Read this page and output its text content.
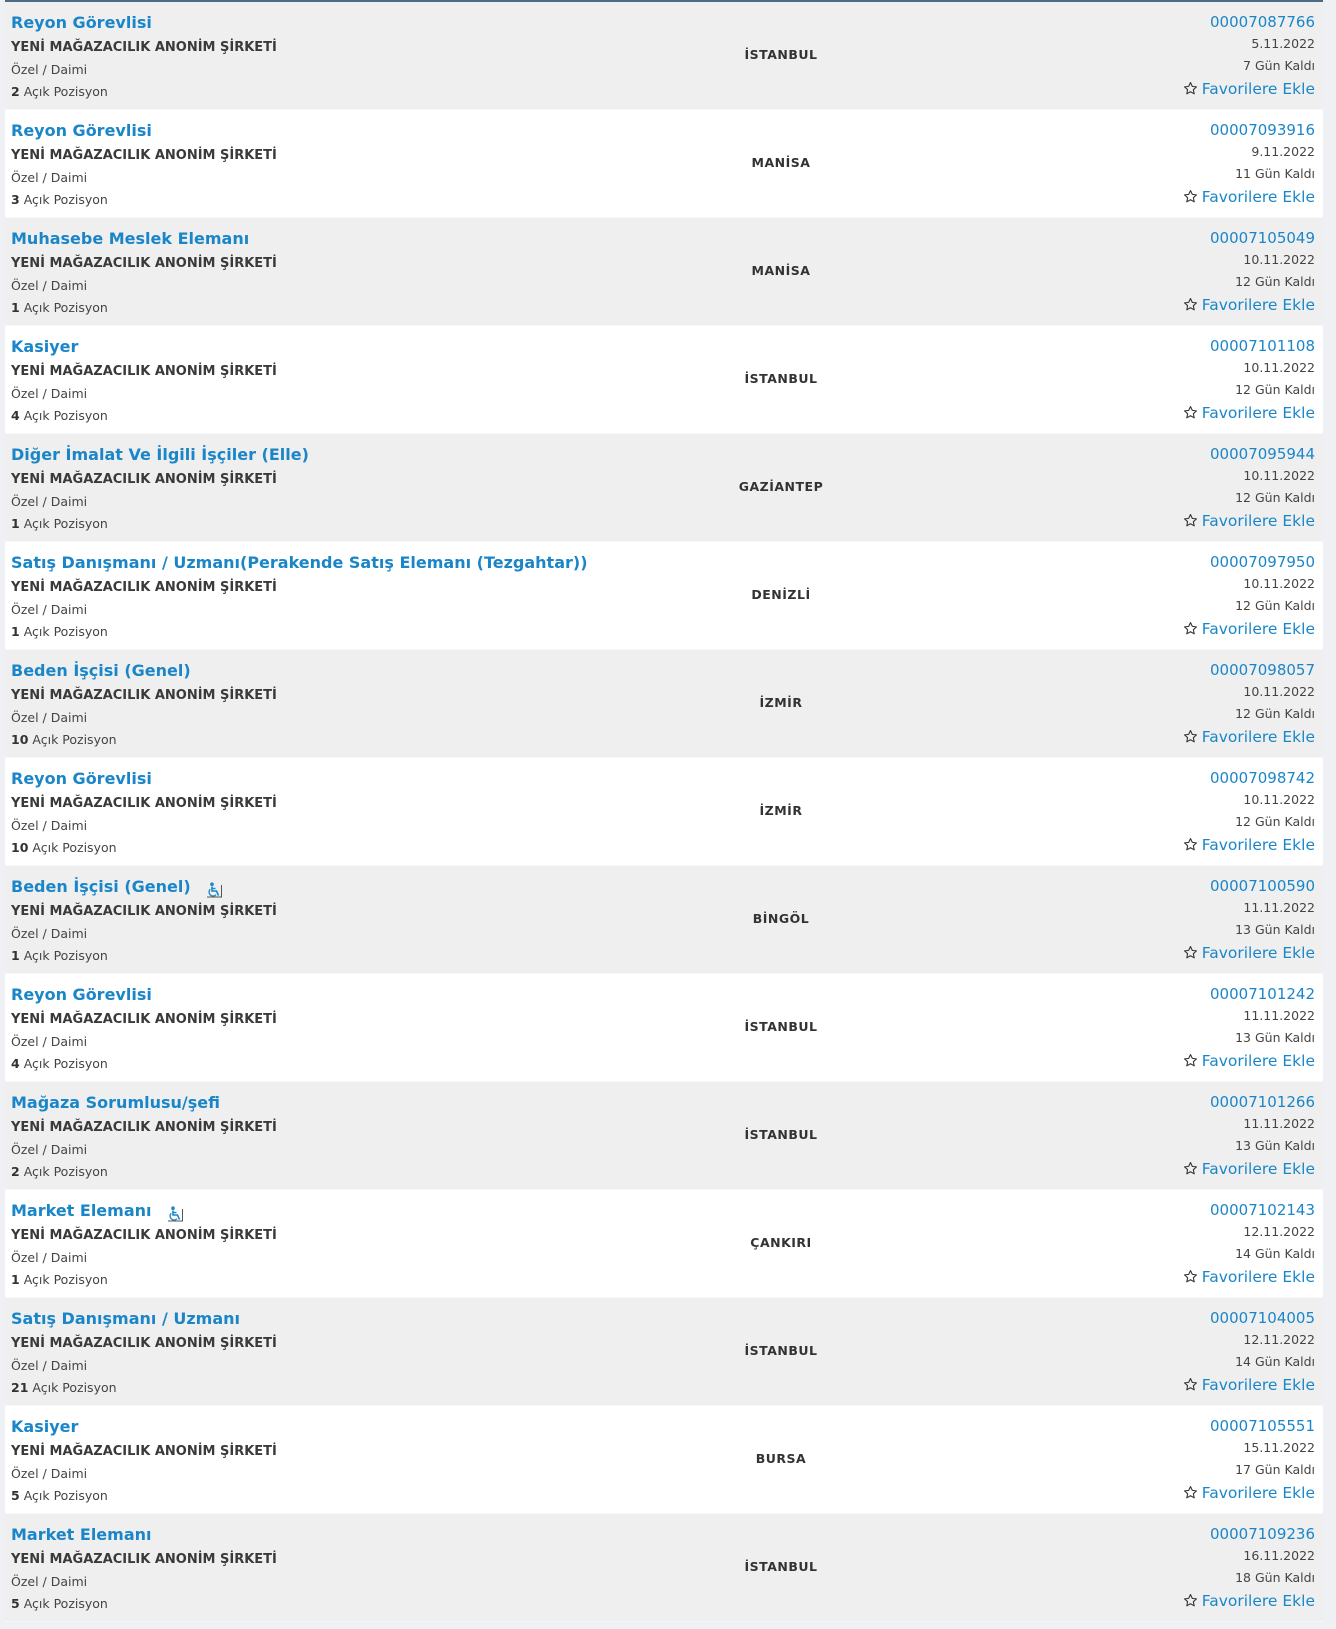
Reyon Görevlisi
YENİ MAĞAZACILIK ANONİM ŞİRKETİ
Özel / Daimi
2 Açık Pozisyon
İSTANBUL
00007087766
5.11.2022
7 Gün Kaldı
Favorilere Ekle
Reyon Görevlisi
YENİ MAĞAZACILIK ANONİM ŞİRKETİ
Özel / Daimi
3 Açık Pozisyon
MANİSA
00007093916
9.11.2022
11 Gün Kaldı
Favorilere Ekle
Muhasebe Meslek Elemanı
YENİ MAĞAZACILIK ANONİM ŞİRKETİ
Özel / Daimi
1 Açık Pozisyon
MANİSA
00007105049
10.11.2022
12 Gün Kaldı
Favorilere Ekle
Kasiyer
YENİ MAĞAZACILIK ANONİM ŞİRKETİ
Özel / Daimi
4 Açık Pozisyon
İSTANBUL
00007101108
10.11.2022
12 Gün Kaldı
Favorilere Ekle
Diğer İmalat Ve İlgili İşçiler (Elle)
YENİ MAĞAZACILIK ANONİM ŞİRKETİ
Özel / Daimi
1 Açık Pozisyon
GAZİANTEP
00007095944
10.11.2022
12 Gün Kaldı
Favorilere Ekle
Satış Danışmanı / Uzmanı(Perakende Satış Elemanı (Tezgahtar))
YENİ MAĞAZACILIK ANONİM ŞİRKETİ
Özel / Daimi
1 Açık Pozisyon
DENİZLİ
00007097950
10.11.2022
12 Gün Kaldı
Favorilere Ekle
Beden İşçisi (Genel)
YENİ MAĞAZACILIK ANONİM ŞİRKETİ
Özel / Daimi
10 Açık Pozisyon
İZMİR
00007098057
10.11.2022
12 Gün Kaldı
Favorilere Ekle
Reyon Görevlisi
YENİ MAĞAZACILIK ANONİM ŞİRKETİ
Özel / Daimi
10 Açık Pozisyon
İZMİR
00007098742
10.11.2022
12 Gün Kaldı
Favorilere Ekle
Beden İşçisi (Genel)
YENİ MAĞAZACILIK ANONİM ŞİRKETİ
Özel / Daimi
1 Açık Pozisyon
BİNGÖL
00007100590
11.11.2022
13 Gün Kaldı
Favorilere Ekle
Reyon Görevlisi
YENİ MAĞAZACILIK ANONİM ŞİRKETİ
Özel / Daimi
4 Açık Pozisyon
İSTANBUL
00007101242
11.11.2022
13 Gün Kaldı
Favorilere Ekle
Mağaza Sorumlusu/şefi
YENİ MAĞAZACILIK ANONİM ŞİRKETİ
Özel / Daimi
2 Açık Pozisyon
İSTANBUL
00007101266
11.11.2022
13 Gün Kaldı
Favorilere Ekle
Market Elemanı
YENİ MAĞAZACILIK ANONİM ŞİRKETİ
Özel / Daimi
1 Açık Pozisyon
ÇANKIRI
00007102143
12.11.2022
14 Gün Kaldı
Favorilere Ekle
Satış Danışmanı / Uzmanı
YENİ MAĞAZACILIK ANONİM ŞİRKETİ
Özel / Daimi
21 Açık Pozisyon
İSTANBUL
00007104005
12.11.2022
14 Gün Kaldı
Favorilere Ekle
Kasiyer
YENİ MAĞAZACILIK ANONİM ŞİRKETİ
Özel / Daimi
5 Açık Pozisyon
BURSA
00007105551
15.11.2022
17 Gün Kaldı
Favorilere Ekle
Market Elemanı
YENİ MAĞAZACILIK ANONİM ŞİRKETİ
Özel / Daimi
5 Açık Pozisyon
İSTANBUL
00007109236
16.11.2022
18 Gün Kaldı
Favorilere Ekle
